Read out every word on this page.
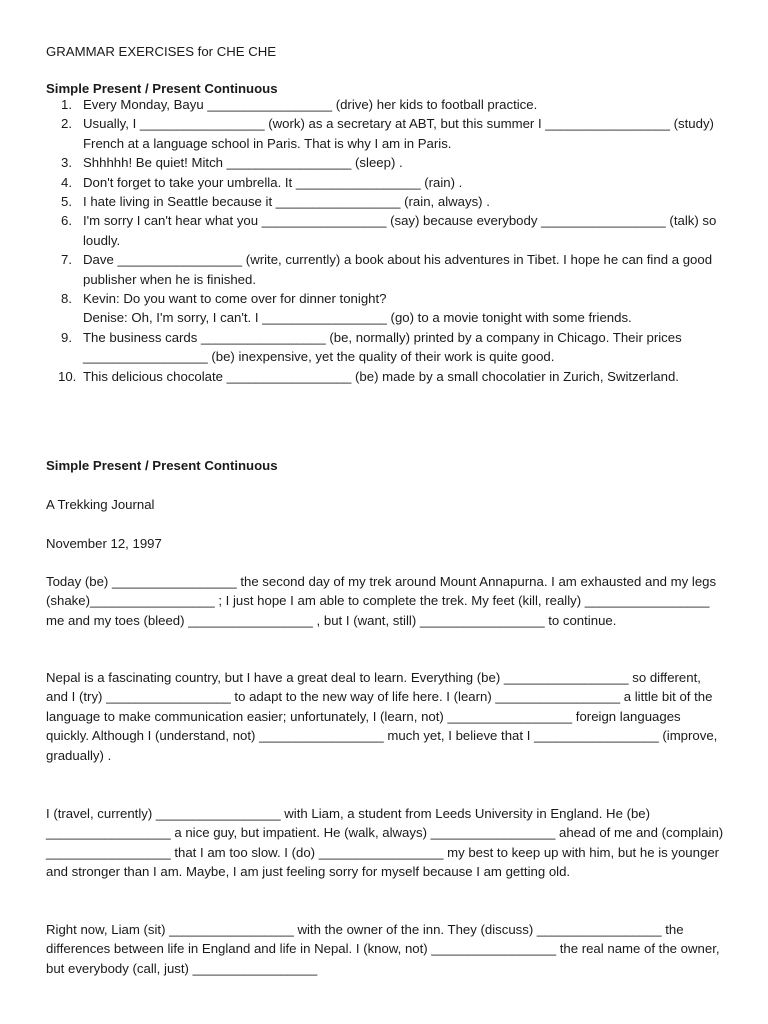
GRAMMAR EXERCISES for CHE CHE
Simple Present / Present Continuous
1 . Every Monday, Bayu _________________ (drive) her kids to football practice.
2 . Usually, I _________________ (work) as a secretary at ABT, but this summer I _________________ (study) French at a language school in Paris. That is why I am in Paris.
3 . Shhhhh! Be quiet! Mitch _________________ (sleep) .
4 . Don't forget to take your umbrella. It _________________ (rain) .
5 . I hate living in Seattle because it _________________ (rain, always) .
6 . I'm sorry I can't hear what you _________________ (say) because everybody _________________ (talk) so loudly.
7 . Dave _________________ (write, currently) a book about his adventures in Tibet. I hope he can find a good publisher when he is finished.
8 . Kevin: Do you want to come over for dinner tonight?
Denise: Oh, I'm sorry, I can't. I _________________ (go) to a movie tonight with some friends.
9 . The business cards _________________ (be, normally) printed by a company in Chicago. Their prices _________________ (be) inexpensive, yet the quality of their work is quite good.
10 . This delicious chocolate _________________ (be) made by a small chocolatier in Zurich, Switzerland.
Simple Present / Present Continuous
A Trekking Journal
November 12, 1997

Today (be) _________________ the second day of my trek around Mount Annapurna. I am exhausted and my legs (shake)_________________ ; I just hope I am able to complete the trek. My feet (kill, really) _________________ me and my toes (bleed) _________________ , but I (want, still) _________________ to continue.

Nepal is a fascinating country, but I have a great deal to learn. Everything (be) _________________ so different, and I (try) _________________ to adapt to the new way of life here. I (learn) _________________ a little bit of the language to make communication easier; unfortunately, I (learn, not) _________________ foreign languages quickly. Although I (understand, not) _________________ much yet, I believe that I _________________ (improve, gradually) .

I (travel, currently) _________________ with Liam, a student from Leeds University in England. He (be) _________________ a nice guy, but impatient. He (walk, always) _________________ ahead of me and (complain) _________________ that I am too slow. I (do) _________________ my best to keep up with him, but he is younger and stronger than I am. Maybe, I am just feeling sorry for myself because I am getting old.

Right now, Liam (sit) _________________ with the owner of the inn. They (discuss) _________________ the differences between life in England and life in Nepal. I (know, not) _________________ the real name of the owner, but everybody (call, just) _________________
